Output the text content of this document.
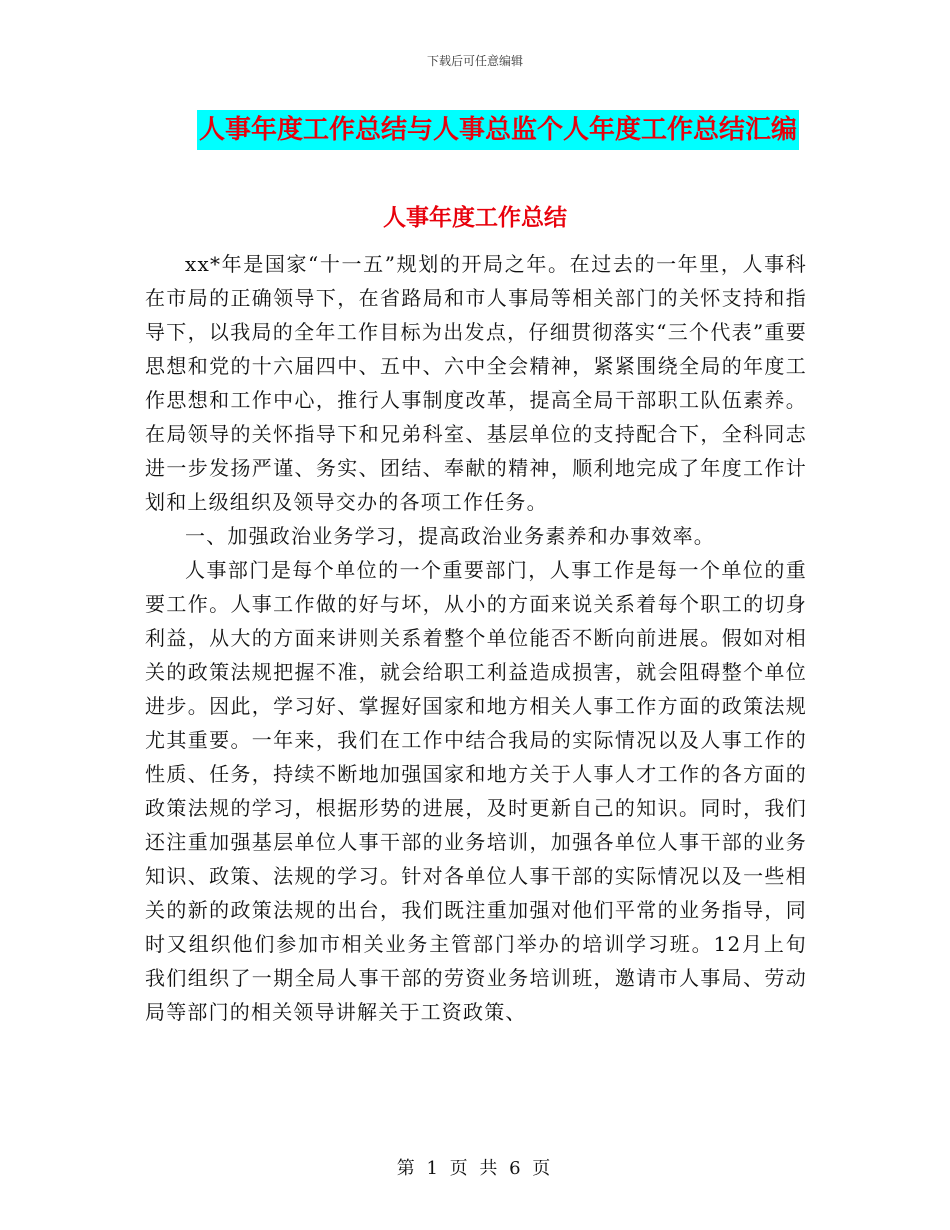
下载后可任意编辑
人事年度工作总结与人事总监个人年度工作总结汇编
人事年度工作总结

xx*年是国家“十一五”规划的开局之年。在过去的一年里，人事科在市局的正确领导下，在省路局和市人事局等相关部门的关怀支持和指导下，以我局的全年工作目标为出发点，仔细贯彻落实“三个代表”重要思想和党的十六届四中、五中、六中全会精神，紧紧围绕全局的年度工作思想和工作中心，推行人事制度改革，提高全局干部职工队伍素养。在局领导的关怀指导下和兄弟科室、基层单位的支持配合下，全科同志进一步发扬严谨、务实、团结、奉献的精神，顺利地完成了年度工作计划和上级组织及领导交办的各项工作任务。

一、加强政治业务学习，提高政治业务素养和办事效率。

人事部门是每个单位的一个重要部门，人事工作是每一个单位的重要工作。人事工作做的好与坏，从小的方面来说关系着每个职工的切身利益，从大的方面来讲则关系着整个单位能否不断向前进展。假如对相关的政策法规把握不准，就会给职工利益造成损害，就会阻碍整个单位进步。因此，学习好、掌握好国家和地方相关人事工作方面的政策法规尤其重要。一年来，我们在工作中结合我局的实际情况以及人事工作的性质、任务，持续不断地加强国家和地方关于人事人才工作的各方面的政策法规的学习，根据形势的进展，及时更新自己的知识。同时，我们还注重加强基层单位人事干部的业务培训，加强各单位人事干部的业务知识、政策、法规的学习。针对各单位人事干部的实际情况以及一些相关的新的政策法规的出台，我们既注重加强对他们平常的业务指导，同时又组织他们参加市相关业务主管部门举办的培训学习班。12月上旬我们组织了一期全局人事干部的劳资业务培训班，邀请市人事局、劳动局等部门的相关领导讲解关于工资政策、

第 1 页 共 6 页
